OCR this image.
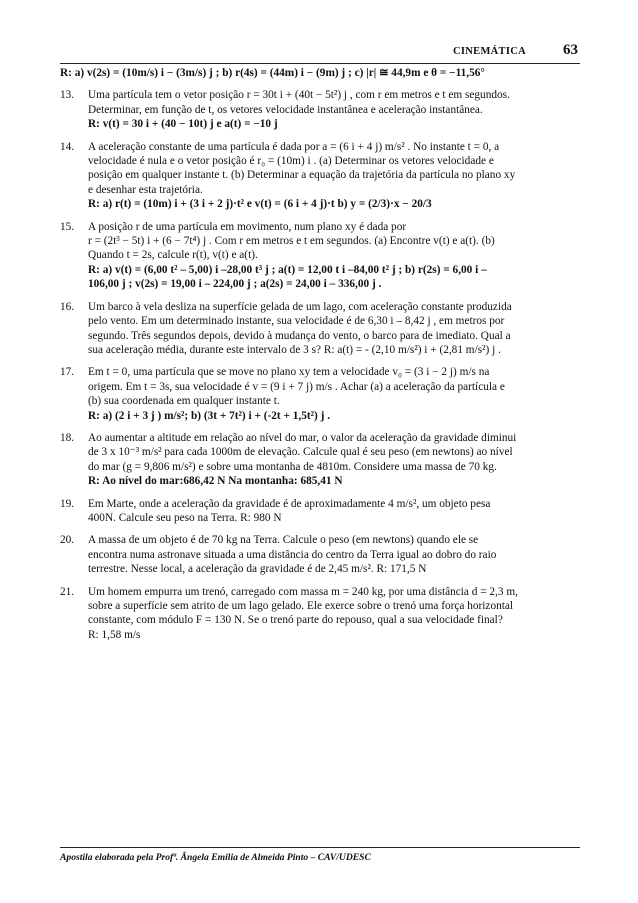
CINEMÁTICA 63
R: a) v(2s) = (10m/s) i − (3m/s) j ; b) r(4s) = (44m) i − (9m) j ; c) |r| ≅ 44,9m e θ = −11,56°
13. Uma partícula tem o vetor posição r = 30t i + (40t − 5t²) j , com r em metros e t em segundos.
Determinar, em função de t, os vetores velocidade instantânea e aceleração instantânea.
R: v(t) = 30 i + (40 − 10t) j e a(t) = −10 j
14. A aceleração constante de uma partícula é dada por a = (6 i + 4 j) m/s² . No instante t = 0, a
velocidade é nula e o vetor posição é r₀ = (10m) i . (a) Determinar os vetores velocidade e
posição em qualquer instante t. (b) Determinar a equação da trajetória da partícula no plano xy
e desenhar esta trajetória.
R: a) r(t) = (10m) i + (3 i + 2 j)·t² e v(t) = (6 i + 4 j)·t b) y = (2/3)·x − 20/3
15. A posição r de uma partícula em movimento, num plano xy é dada por
r = (2t³ − 5t) i + (6 − 7t⁴) j . Com r em metros e t em segundos. (a) Encontre v(t) e a(t). (b)
Quando t = 2s, calcule r(t), v(t) e a(t).
R: a) v(t) = (6,00 t² – 5,00) i –28,00 t³ j ; a(t) = 12,00 t i –84,00 t² j ; b) r(2s) = 6,00 i –
106,00 j ; v(2s) = 19,00 i – 224,00 j ; a(2s) = 24,00 i – 336,00 j .
16. Um barco à vela desliza na superfície gelada de um lago, com aceleração constante produzida
pelo vento. Em um determinado instante, sua velocidade é de 6,30 i – 8,42 j , em metros por
segundo. Três segundos depois, devido à mudança do vento, o barco para de imediato. Qual a
sua aceleração média, durante este intervalo de 3 s? R: a(t) = - (2,10 m/s²) i + (2,81 m/s²) j .
17. Em t = 0, uma partícula que se move no plano xy tem a velocidade v₀ = (3 i − 2 j) m/s na
origem. Em t = 3s, sua velocidade é v = (9 i + 7 j) m/s . Achar (a) a aceleração da partícula e
(b) sua coordenada em qualquer instante t.
R: a) (2 i + 3 j ) m/s²; b) (3t + 7t²) i + (-2t + 1,5t²) j .
18. Ao aumentar a altitude em relação ao nível do mar, o valor da aceleração da gravidade diminui
de 3 x 10⁻³ m/s² para cada 1000m de elevação. Calcule qual é seu peso (em newtons) ao nível
do mar (g = 9,806 m/s²) e sobre uma montanha de 4810m. Considere uma massa de 70 kg.
R: Ao nível do mar:686,42 N Na montanha: 685,41 N
19. Em Marte, onde a aceleração da gravidade é de aproximadamente 4 m/s², um objeto pesa
400N. Calcule seu peso na Terra. R: 980 N
20. A massa de um objeto é de 70 kg na Terra. Calcule o peso (em newtons) quando ele se
encontra numa astronave situada a uma distância do centro da Terra igual ao dobro do raio
terrestre. Nesse local, a aceleração da gravidade é de 2,45 m/s². R: 171,5 N
21. Um homem empurra um trenó, carregado com massa m = 240 kg, por uma distância d = 2,3 m,
sobre a superfície sem atrito de um lago gelado. Ele exerce sobre o trenó uma força horizontal
constante, com módulo F = 130 N. Se o trenó parte do repouso, qual a sua velocidade final?
R: 1,58 m/s
Apostila elaborada pela Profª. Ângela Emilia de Almeida Pinto – CAV/UDESC
